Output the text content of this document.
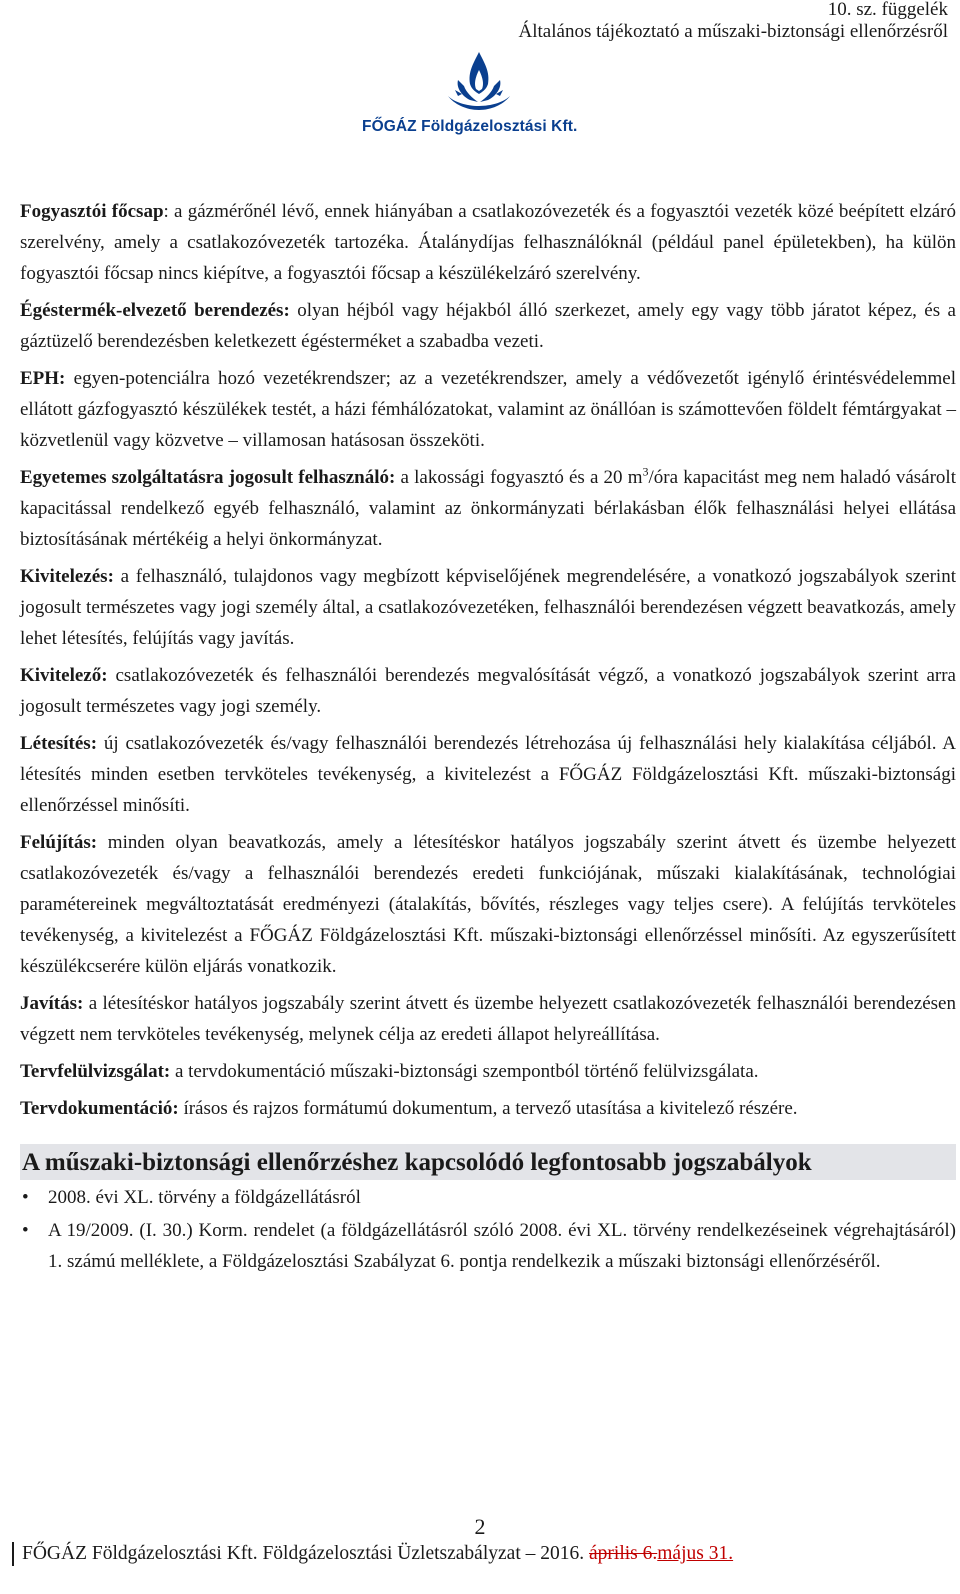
10. sz. függelék
Általános tájékoztató a műszaki-biztonsági ellenőrzésről
FŐGÁZ Földgázelosztási Kft.

Fogyasztói főcsap: a gázmérőnél lévő, ennek hiányában a csatlakozóvezeték és a fogyasztói vezeték közé beépített elzáró szerelvény, amely a csatlakozóvezeték tartozéka. Átalánydíjas felhasználóknál (például panel épületekben), ha külön fogyasztói főcsap nincs kiépítve, a fogyasztói főcsap a készülékelzáró szerelvény.

Égéstermék-elvezető berendezés: olyan héjból vagy héjakból álló szerkezet, amely egy vagy több járatot képez, és a gáztüzelő berendezésben keletkezett égésterméket a szabadba vezeti.

EPH: egyen-potenciálra hozó vezetékrendszer; az a vezetékrendszer, amely a védővezetőt igénylő érintésvédelemmel ellátott gázfogyasztó készülékek testét, a házi fémhálózatokat, valamint az önállóan is számottevően földelt fémtárgyakat – közvetlenül vagy közvetve – villamosan hatásosan összeköti.

Egyetemes szolgáltatásra jogosult felhasználó: a lakossági fogyasztó és a 20 $m^3$/óra kapacitást meg nem haladó vásárolt kapacitással rendelkező egyéb felhasználó, valamint az önkormányzati bérlakásban élők felhasználási helyei ellátása biztosításának mértékéig a helyi önkormányzat.

Kivitelezés: a felhasználó, tulajdonos vagy megbízott képviselőjének megrendelésére, a vonatkozó jogszabályok szerint jogosult természetes vagy jogi személy által, a csatlakozóvezetéken, felhasználói berendezésen végzett beavatkozás, amely lehet létesítés, felújítás vagy javítás.

Kivitelező: csatlakozóvezeték és felhasználói berendezés megvalósítását végző, a vonatkozó jogszabályok szerint arra jogosult természetes vagy jogi személy.

Létesítés: új csatlakozóvezeték és/vagy felhasználói berendezés létrehozása új felhasználási hely kialakítása céljából. A létesítés minden esetben tervköteles tevékenység, a kivitelezést a FŐGÁZ Földgázelosztási Kft. műszaki-biztonsági ellenőrzéssel minősíti.

Felújítás: minden olyan beavatkozás, amely a létesítéskor hatályos jogszabály szerint átvett és üzembe helyezett csatlakozóvezeték és/vagy a felhasználói berendezés eredeti funkciójának, műszaki kialakításának, technológiai paramétereinek megváltoztatását eredményezi (átalakítás, bővítés, részleges vagy teljes csere). A felújítás tervköteles tevékenység, a kivitelezést a FŐGÁZ Földgázelosztási Kft. műszaki-biztonsági ellenőrzéssel minősíti. Az egyszerűsített készülékcserére külön eljárás vonatkozik.

Javítás: a létesítéskor hatályos jogszabály szerint átvett és üzembe helyezett csatlakozóvezeték felhasználói berendezésen végzett nem tervköteles tevékenység, melynek célja az eredeti állapot helyreállítása.

Tervfelülvizsgálat: a tervdokumentáció műszaki-biztonsági szempontból történő felülvizsgálata.

Tervdokumentáció: írásos és rajzos formátumú dokumentum, a tervező utasítása a kivitelező részére.

A műszaki-biztonsági ellenőrzéshez kapcsolódó legfontosabb jogszabályok
• 2008. évi XL. törvény a földgázellátásról
• A 19/2009. (I. 30.) Korm. rendelet (a földgázellátásról szóló 2008. évi XL. törvény rendelkezéseinek végrehajtásáról) 1. számú melléklete, a Földgázelosztási Szabályzat 6. pontja rendelkezik a műszaki biztonsági ellenőrzéséről.
2
FŐGÁZ Földgázelosztási Kft. Földgázelosztási Üzletszabályzat – 2016. április 6.május 31.
